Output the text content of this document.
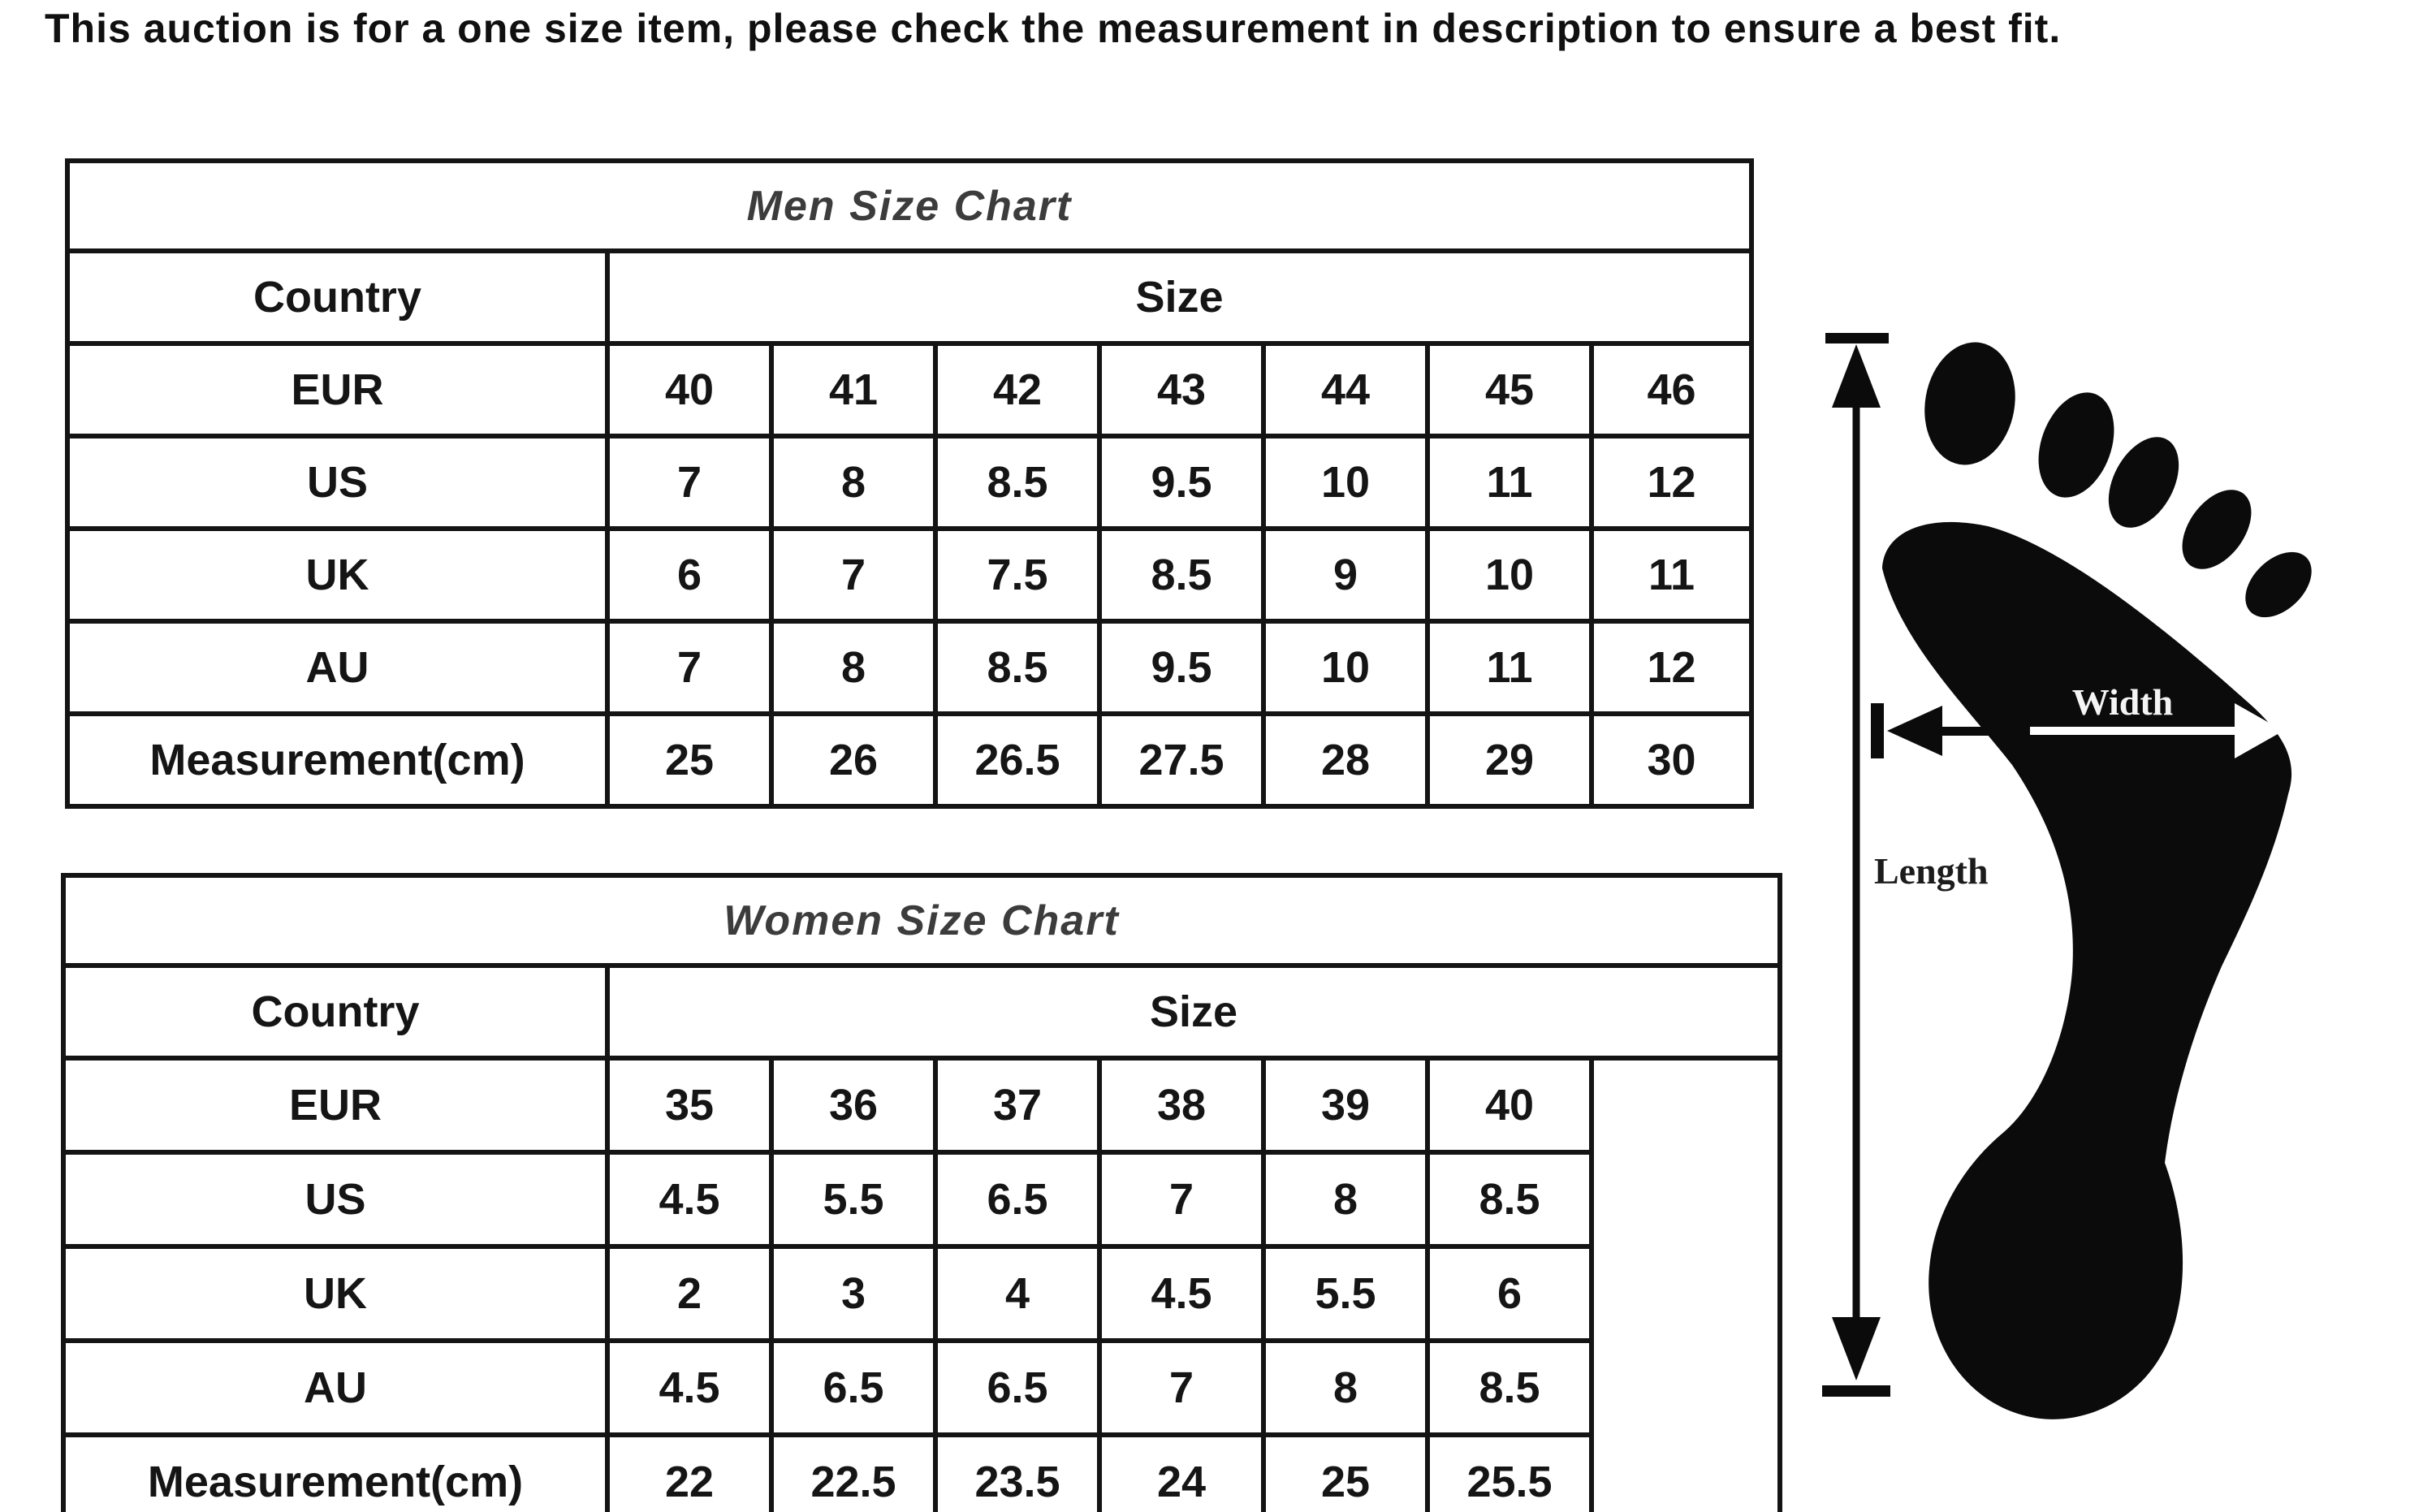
This auction is for a one size item, please check the measurement in description to ensure a best fit.
Men Size Chart							
Country	Size						
EUR	40	41	42	43	44	45	46
US	7	8	8.5	9.5	10	11	12
UK	6	7	7.5	8.5	9	10	11
AU	7	8	8.5	9.5	10	11	12
Measurement(cm)	25	26	26.5	27.5	28	29	30
Women Size Chart							
Country	Size						
EUR	35	36	37	38	39	40	
US	4.5	5.5	6.5	7	8	8.5	
UK	2	3	4	4.5	5.5	6	
AU	4.5	6.5	6.5	7	8	8.5	
Measurement(cm)	22	22.5	23.5	24	25	25.5	
Width
Length
